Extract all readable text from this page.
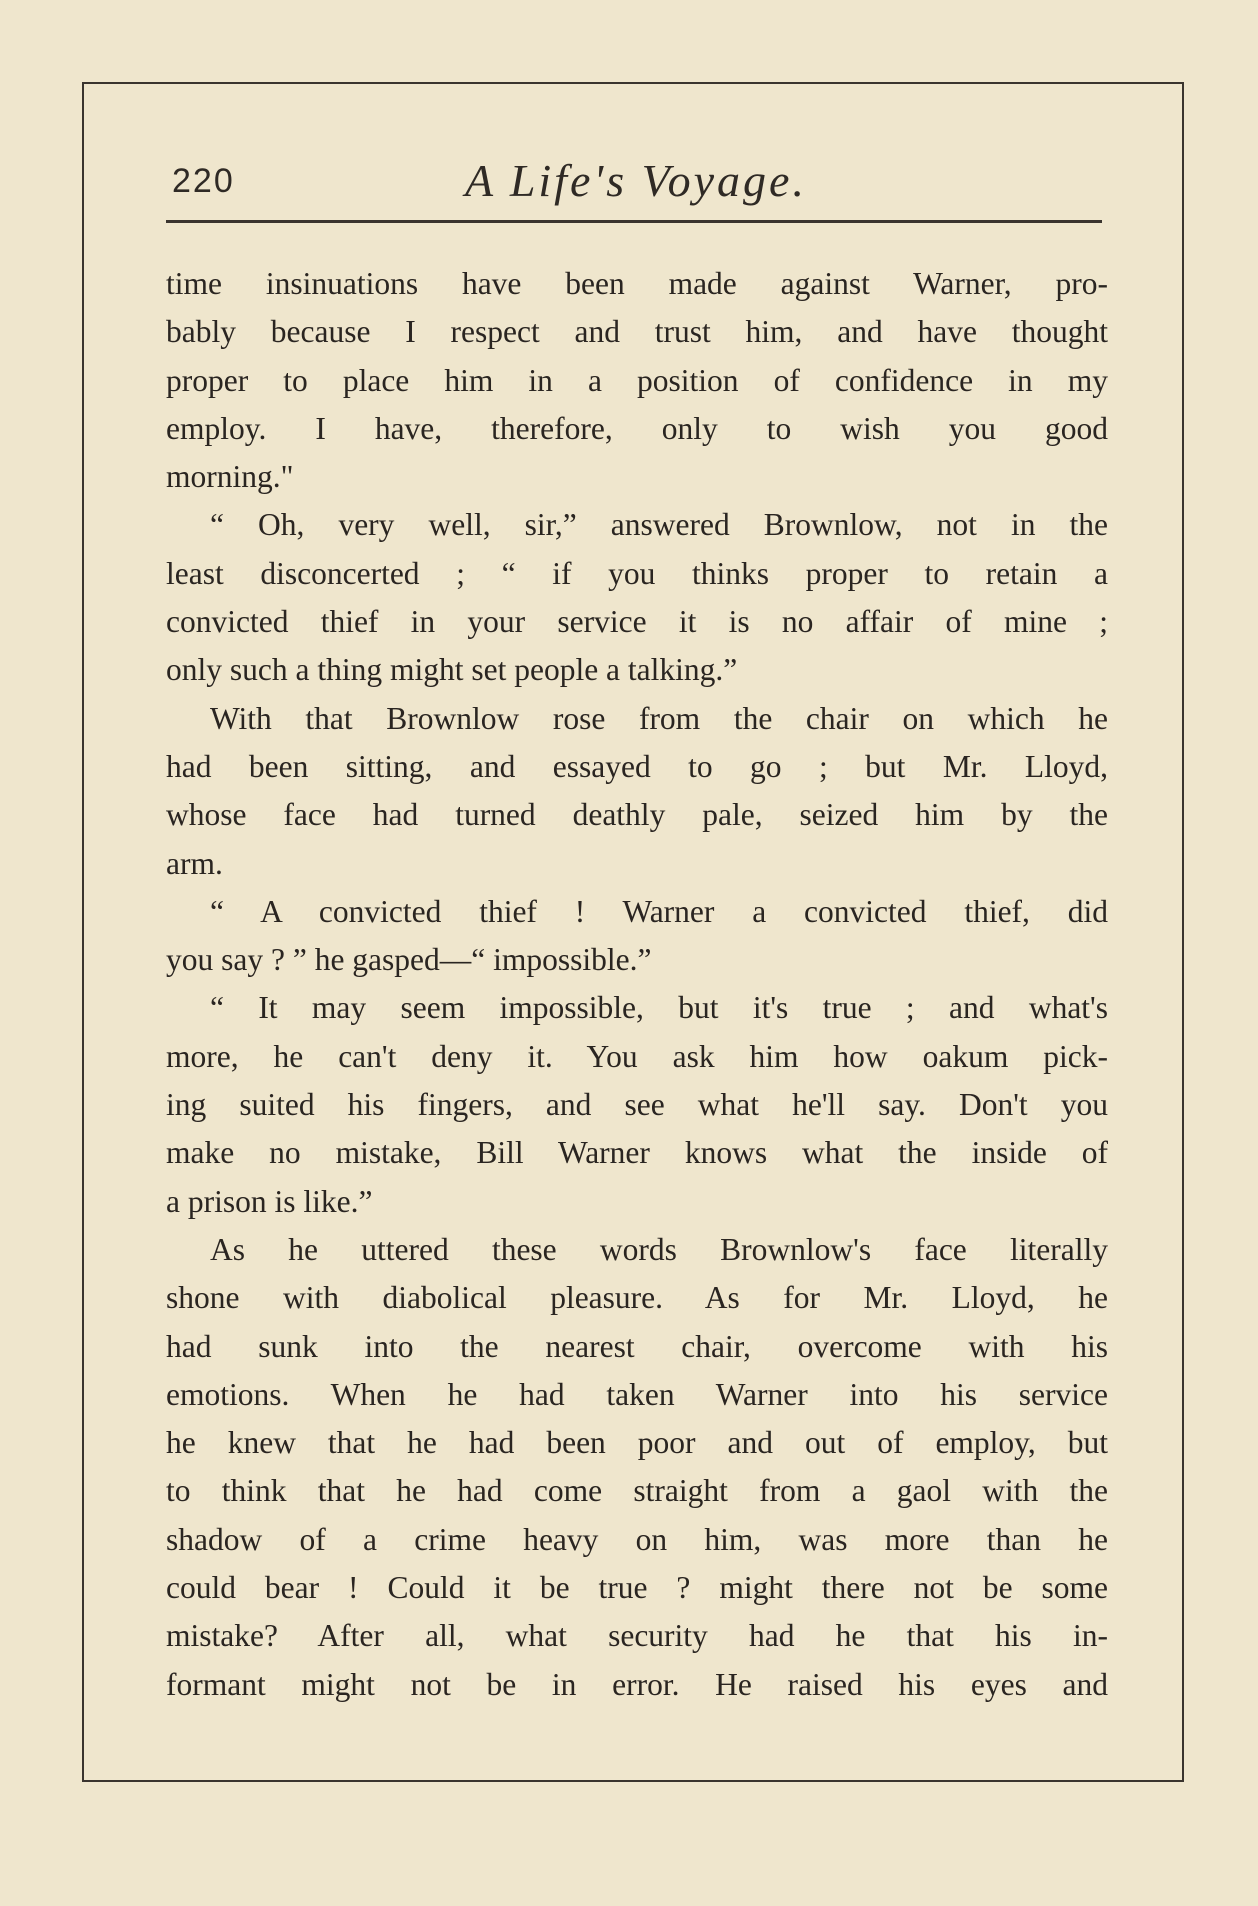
220	A Life's Voyage.

time insinuations have been made against Warner, pro-

bably because I respect and trust him, and have thought

proper to place him in a position of confidence in my

employ. I have, therefore, only to wish you good

morning."

“ Oh, very well, sir,” answered Brownlow, not in the

least disconcerted ; “ if you thinks proper to retain a

convicted thief in your service it is no affair of mine ;

only such a thing might set people a talking.”

With that Brownlow rose from the chair on which he

had been sitting, and essayed to go ; but Mr. Lloyd,

whose face had turned deathly pale, seized him by the

arm.

“ A convicted thief ! Warner a convicted thief, did

you say ? ” he gasped—“ impossible.”

“ It may seem impossible, but it's true ; and what's

more, he can't deny it. You ask him how oakum pick-

ing suited his fingers, and see what he'll say. Don't you

make no mistake, Bill Warner knows what the inside of

a prison is like.”

As he uttered these words Brownlow's face literally

shone with diabolical pleasure. As for Mr. Lloyd, he

had sunk into the nearest chair, overcome with his

emotions. When he had taken Warner into his service

he knew that he had been poor and out of employ, but

to think that he had come straight from a gaol with the

shadow of a crime heavy on him, was more than he

could bear ! Could it be true ? might there not be some

mistake? After all, what security had he that his in-

formant might not be in error. He raised his eyes and
